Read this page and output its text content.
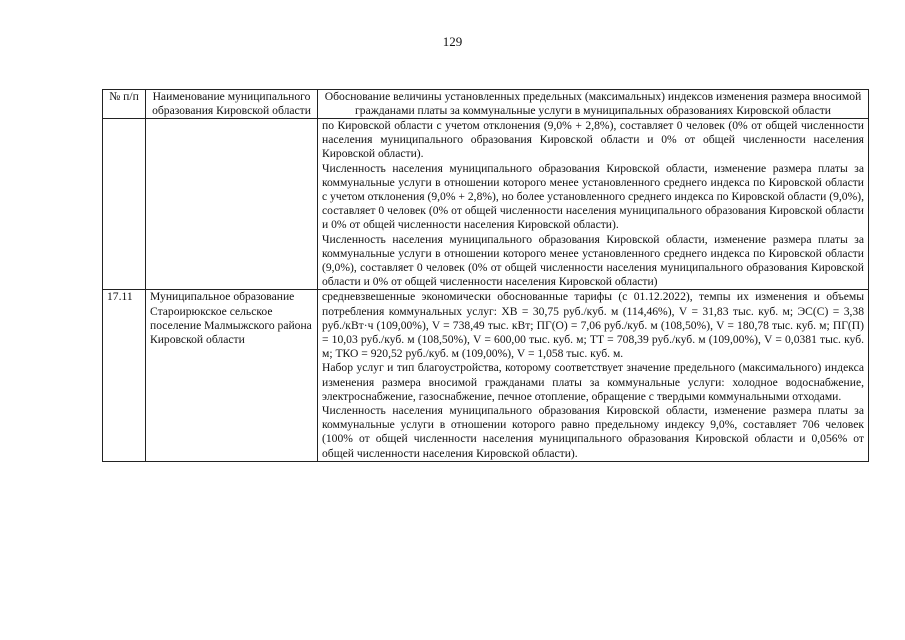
129
№ п/п	Наименование муниципального образования Кировской области	Обоснование величины установленных предельных (максимальных) индексов изменения размера вносимой гражданами платы за коммунальные услуги в муниципальных образованиях Кировской области

		по Кировской области с учетом отклонения (9,0% + 2,8%), составляет 0 человек (0% от общей численности населения муниципального образования Кировской области и 0% от общей численности населения Кировской области).
Численность населения муниципального образования Кировской области, изменение размера платы за коммунальные услуги в отношении которого менее установленного среднего индекса по Кировской области с учетом отклонения (9,0% + 2,8%), но более установленного среднего индекса по Кировской области (9,0%), составляет 0 человек (0% от общей численности населения муниципального образования Кировской области и 0% от общей численности населения Кировской области).
Численность населения муниципального образования Кировской области, изменение размера платы за коммунальные услуги в отношении которого менее установленного среднего индекса по Кировской области (9,0%), составляет 0 человек (0% от общей численности населения муниципального образования Кировской области и 0% от общей численности населения Кировской области)

17.11	Муниципальное образование Староирюкское сельское поселение Малмыжского района Кировской области	средневзвешенные экономически обоснованные тарифы (с 01.12.2022), темпы их изменения и объемы потребления коммунальных услуг: ХВ = 30,75 руб./куб. м (114,46%), V = 31,83 тыс. куб. м; ЭС(С) = 3,38 руб./кВт·ч (109,00%), V = 738,49 тыс. кВт; ПГ(О) = 7,06 руб./куб. м (108,50%), V = 180,78 тыс. куб. м; ПГ(П) = 10,03 руб./куб. м (108,50%), V = 600,00 тыс. куб. м; ТТ = 708,39 руб./куб. м (109,00%), V = 0,0381 тыс. куб. м; ТКО = 920,52 руб./куб. м (109,00%), V = 1,058 тыс. куб. м.
Набор услуг и тип благоустройства, которому соответствует значение предельного (максимального) индекса изменения размера вносимой гражданами платы за коммунальные услуги: холодное водоснабжение, электроснабжение, газоснабжение, печное отопление, обращение с твердыми коммунальными отходами.
Численность населения муниципального образования Кировской области, изменение размера платы за коммунальные услуги в отношении которого равно предельному индексу 9,0%, составляет 706 человек (100% от общей численности населения муниципального образования Кировской области и 0,056% от общей численности населения Кировской области).
